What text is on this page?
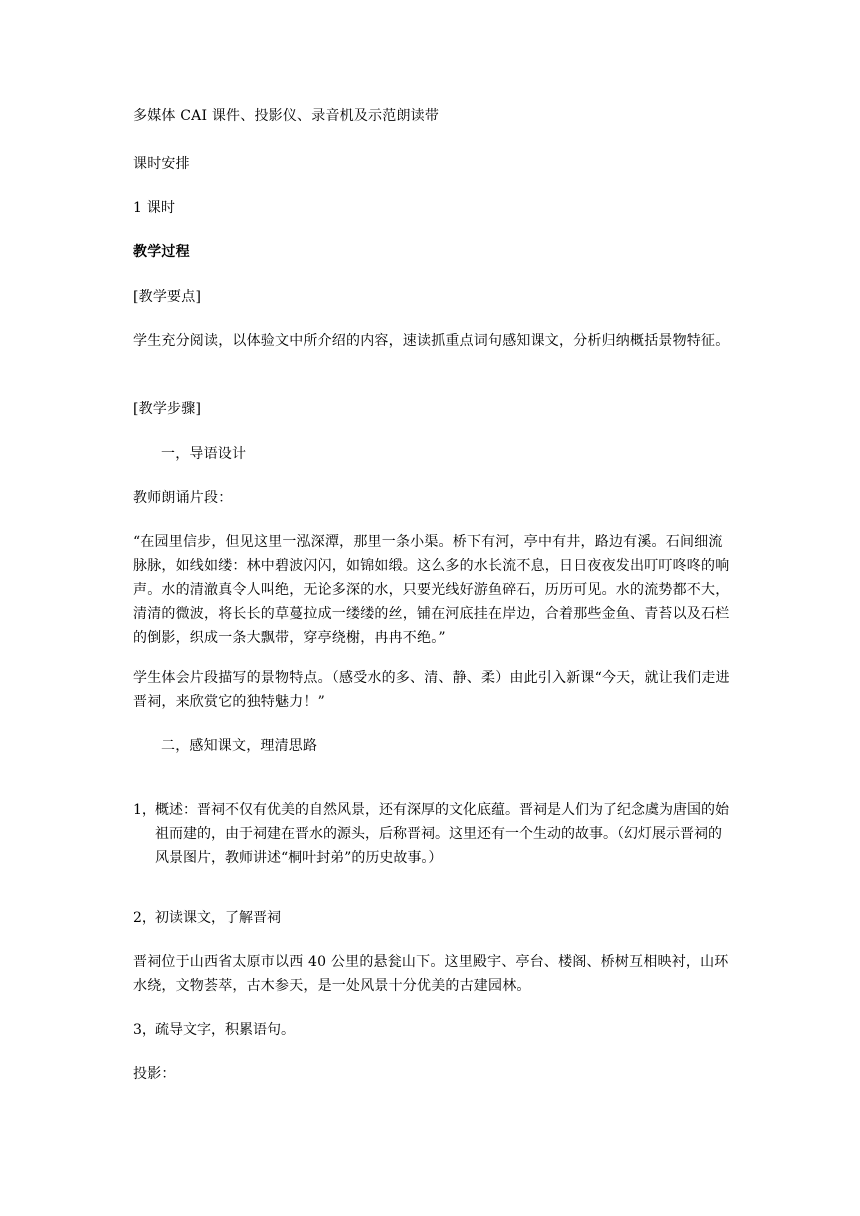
多媒体 CAI 课件、投影仪、录音机及示范朗读带

课时安排

1 课时

教学过程

[教学要点]

学生充分阅读，以体验文中所介绍的内容，速读抓重点词句感知课文，分析归纳概括景物特征。

[教学步骤]

一，导语设计

教师朗诵片段：

“在园里信步，但见这里一泓深潭，那里一条小渠。桥下有河，亭中有井，路边有溪。石间细流脉脉，如线如缕：林中碧波闪闪，如锦如缎。这么多的水长流不息，日日夜夜发出叮叮咚咚的响声。水的清澈真令人叫绝，无论多深的水，只要光线好游鱼碎石，历历可见。水的流势都不大，清清的微波，将长长的草蔓拉成一缕缕的丝，铺在河底挂在岸边，合着那些金鱼、青苔以及石栏的倒影，织成一条大飘带，穿亭绕榭，冉冉不绝。”

学生体会片段描写的景物特点。（感受水的多、清、静、柔）由此引入新课“今天，就让我们走进晋祠，来欣赏它的独特魅力！”

二，感知课文，理清思路

1， 概述：晋祠不仅有优美的自然风景，还有深厚的文化底蕴。晋祠是人们为了纪念虞为唐国的始祖而建的，由于祠建在晋水的源头，后称晋祠。这里还有一个生动的故事。（幻灯展示晋祠的风景图片，教师讲述“桐叶封弟”的历史故事。）
2， 初读课文，了解晋祠

晋祠位于山西省太原市以西 40 公里的悬瓮山下。这里殿宇、亭台、楼阁、桥树互相映衬，山环水绕，文物荟萃，古木参天，是一处风景十分优美的古建园林。

3， 疏导文字，积累语句。

投影：
